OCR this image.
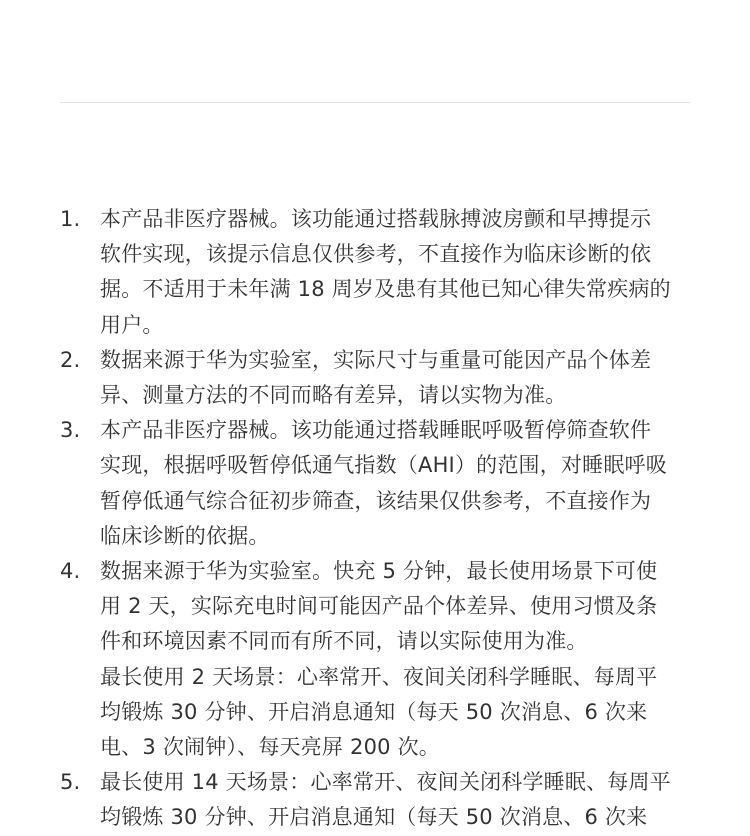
1. 本产品非医疗器械。该功能通过搭载脉搏波房颤和早搏提示
软件实现，该提示信息仅供参考，不直接作为临床诊断的依
据。不适用于未年满 18 周岁及患有其他已知心律失常疾病的
用户。
2. 数据来源于华为实验室，实际尺寸与重量可能因产品个体差
异、测量方法的不同而略有差异，请以实物为准。
3. 本产品非医疗器械。该功能通过搭载睡眠呼吸暂停筛查软件
实现，根据呼吸暂停低通气指数（AHI）的范围，对睡眠呼吸
暂停低通气综合征初步筛查，该结果仅供参考，不直接作为
临床诊断的依据。
4. 数据来源于华为实验室。快充 5 分钟，最长使用场景下可使
用 2 天，实际充电时间可能因产品个体差异、使用习惯及条
件和环境因素不同而有所不同，请以实际使用为准。
最长使用 2 天场景：心率常开、夜间关闭科学睡眠、每周平
均锻炼 30 分钟、开启消息通知（每天 50 次消息、6 次来
电、3 次闹钟）、每天亮屏 200 次。
5. 最长使用 14 天场景：心率常开、夜间关闭科学睡眠、每周平
均锻炼 30 分钟、开启消息通知（每天 50 次消息、6 次来
